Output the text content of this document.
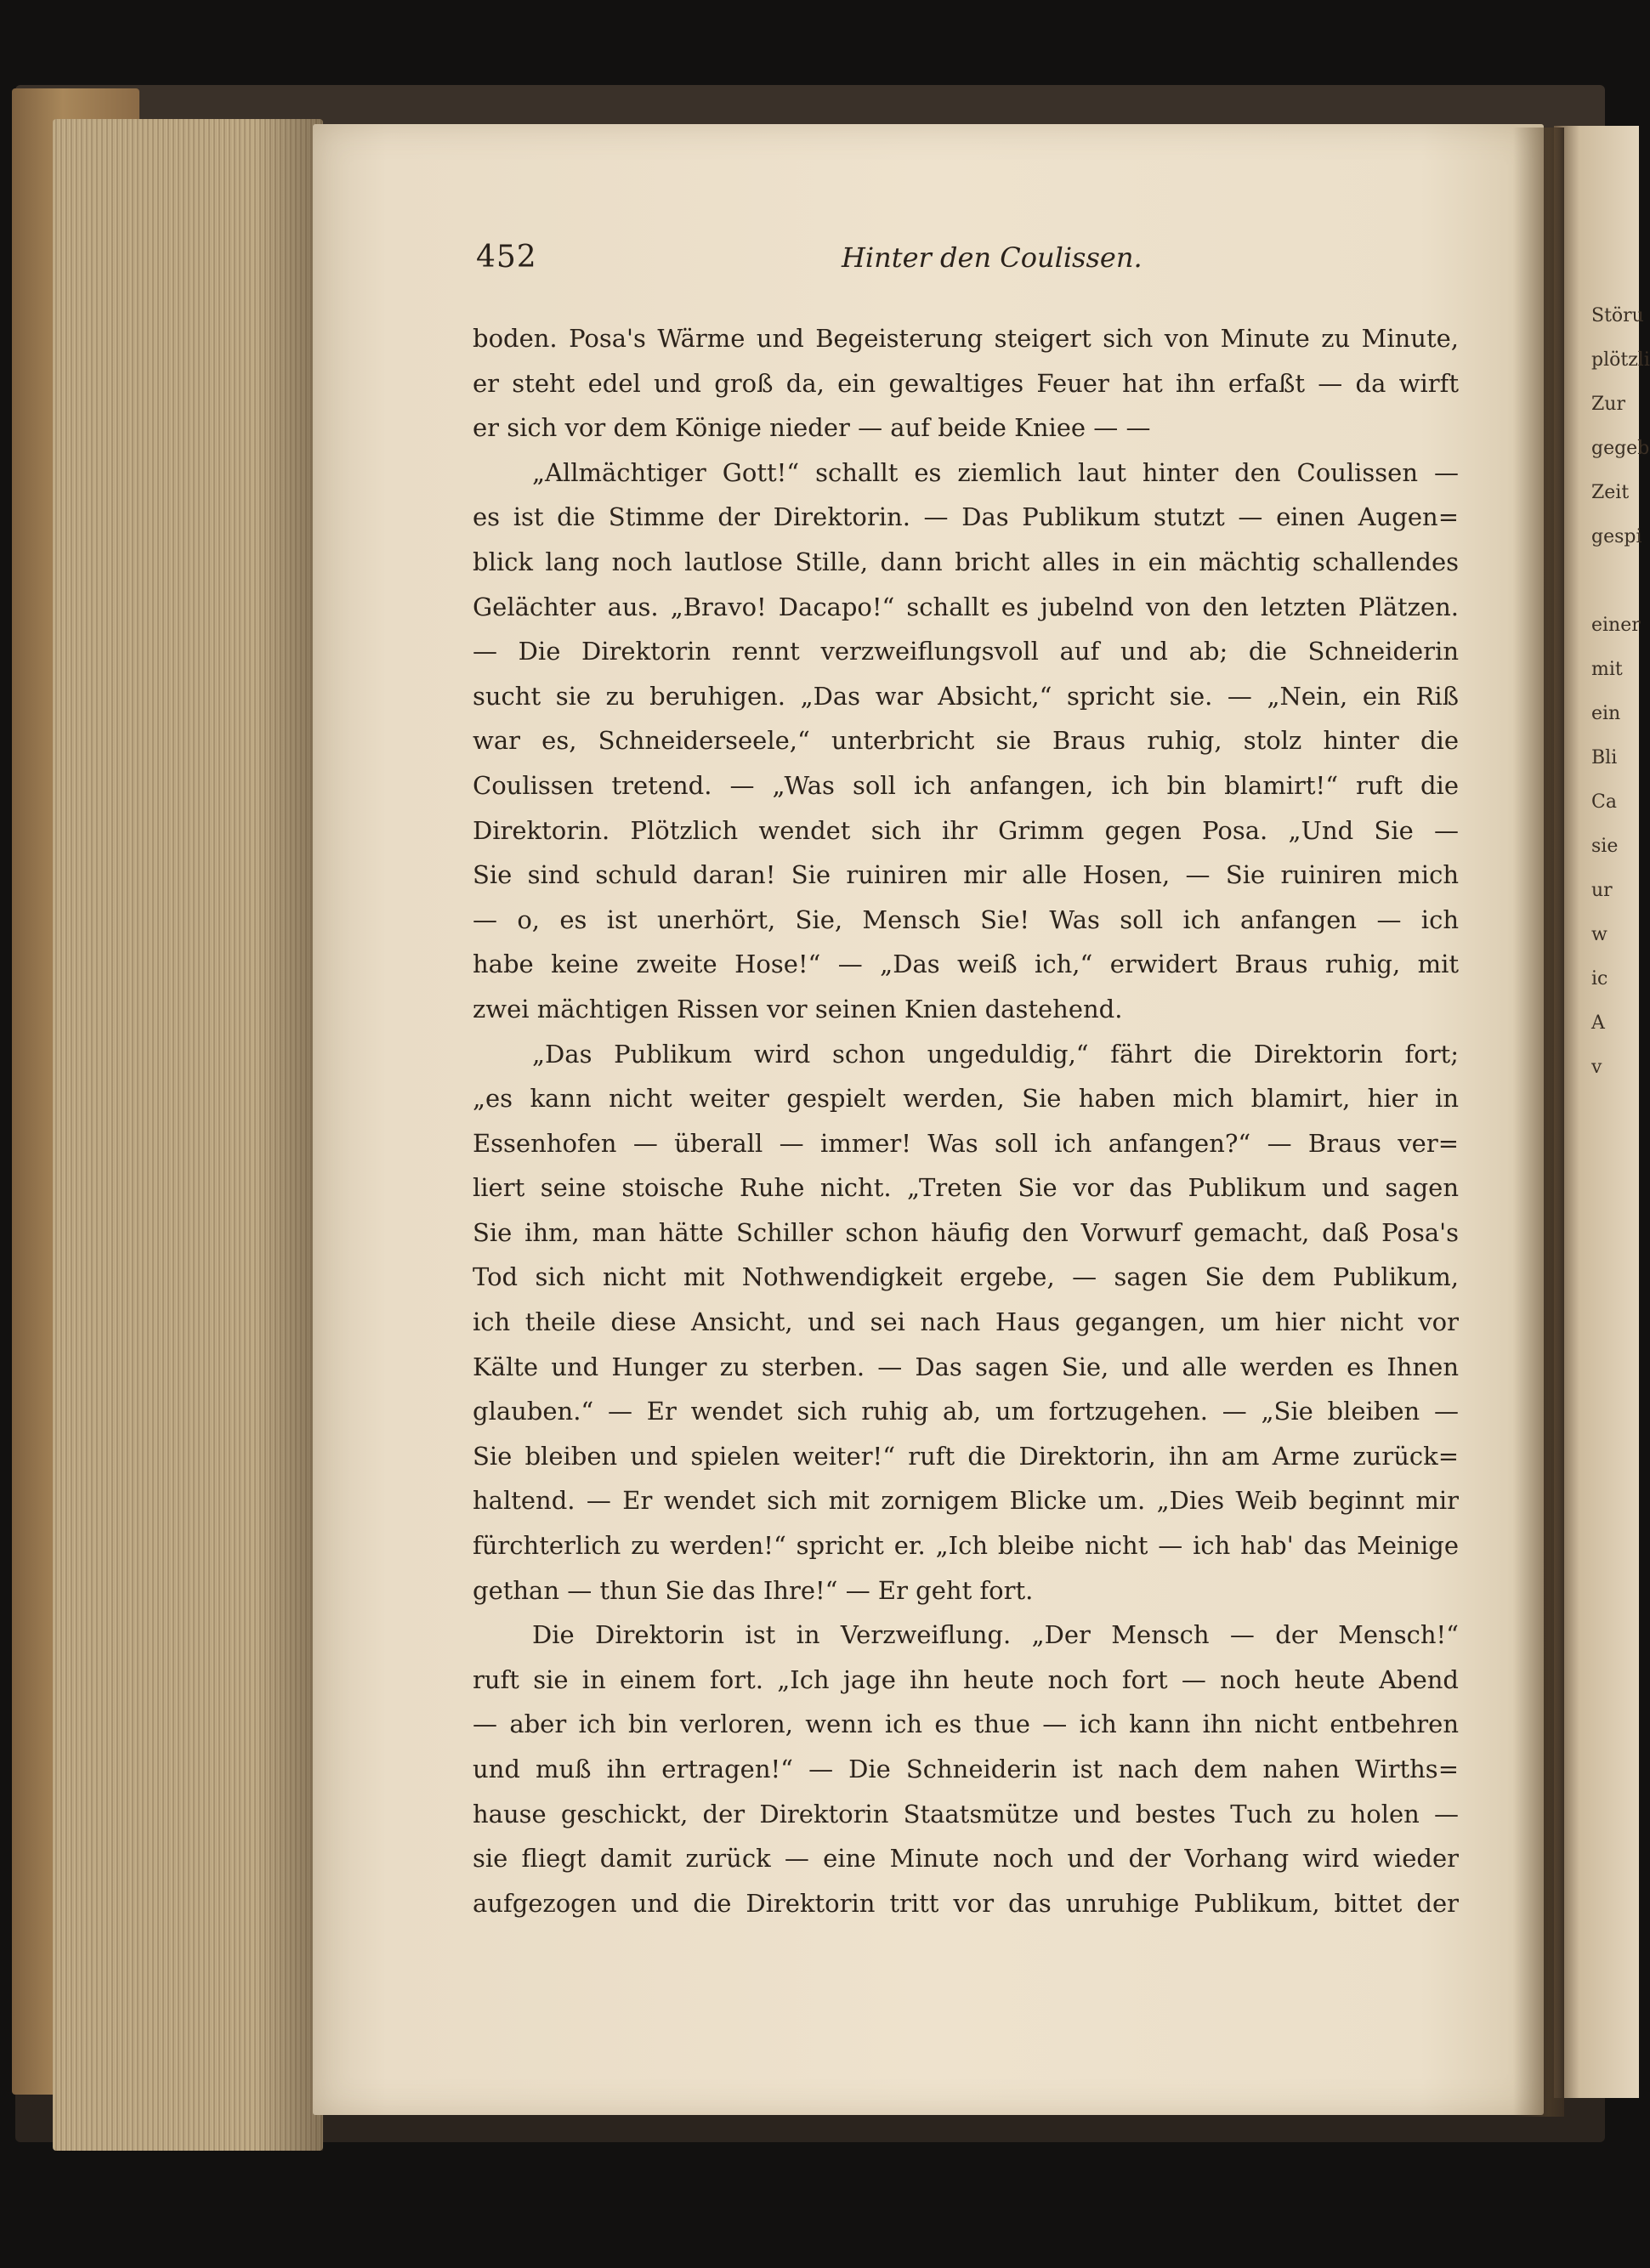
452	Hinter den Coulissen.
boden. Posa's Wärme und Begeisterung steigert sich von Minute zu Minute,
er steht edel und groß da, ein gewaltiges Feuer hat ihn erfaßt — da wirft
er sich vor dem Könige nieder — auf beide Kniee — —
„Allmächtiger Gott!“ schallt es ziemlich laut hinter den Coulissen —
es ist die Stimme der Direktorin. — Das Publikum stutzt — einen Augen=
blick lang noch lautlose Stille, dann bricht alles in ein mächtig schallendes
Gelächter aus. „Bravo! Dacapo!“ schallt es jubelnd von den letzten Plätzen.
— Die Direktorin rennt verzweiflungsvoll auf und ab; die Schneiderin
sucht sie zu beruhigen. „Das war Absicht,“ spricht sie. — „Nein, ein Riß
war es, Schneiderseele,“ unterbricht sie Braus ruhig, stolz hinter die
Coulissen tretend. — „Was soll ich anfangen, ich bin blamirt!“ ruft die
Direktorin. Plötzlich wendet sich ihr Grimm gegen Posa. „Und Sie —
Sie sind schuld daran! Sie ruiniren mir alle Hosen, — Sie ruiniren mich
— o, es ist unerhört, Sie, Mensch Sie! Was soll ich anfangen — ich
habe keine zweite Hose!“ — „Das weiß ich,“ erwidert Braus ruhig, mit
zwei mächtigen Rissen vor seinen Knien dastehend.
„Das Publikum wird schon ungeduldig,“ fährt die Direktorin fort;
„es kann nicht weiter gespielt werden, Sie haben mich blamirt, hier in
Essenhofen — überall — immer! Was soll ich anfangen?“ — Braus ver=
liert seine stoische Ruhe nicht. „Treten Sie vor das Publikum und sagen
Sie ihm, man hätte Schiller schon häufig den Vorwurf gemacht, daß Posa's
Tod sich nicht mit Nothwendigkeit ergebe, — sagen Sie dem Publikum,
ich theile diese Ansicht, und sei nach Haus gegangen, um hier nicht vor
Kälte und Hunger zu sterben. — Das sagen Sie, und alle werden es Ihnen
glauben.“ — Er wendet sich ruhig ab, um fortzugehen. — „Sie bleiben —
Sie bleiben und spielen weiter!“ ruft die Direktorin, ihn am Arme zurück=
haltend. — Er wendet sich mit zornigem Blicke um. „Dies Weib beginnt mir
fürchterlich zu werden!“ spricht er. „Ich bleibe nicht — ich hab' das Meinige
gethan — thun Sie das Ihre!“ — Er geht fort.
Die Direktorin ist in Verzweiflung. „Der Mensch — der Mensch!“
ruft sie in einem fort. „Ich jage ihn heute noch fort — noch heute Abend
— aber ich bin verloren, wenn ich es thue — ich kann ihn nicht entbehren
und muß ihn ertragen!“ — Die Schneiderin ist nach dem nahen Wirths=
hause geschickt, der Direktorin Staatsmütze und bestes Tuch zu holen —
sie fliegt damit zurück — eine Minute noch und der Vorhang wird wieder
aufgezogen und die Direktorin tritt vor das unruhige Publikum, bittet der
Störu
plötzli
Zur
gegeb
Zeit
gespi

einer
mit
ein
Bli
Ca
sie
ur
w
ic
A
v
